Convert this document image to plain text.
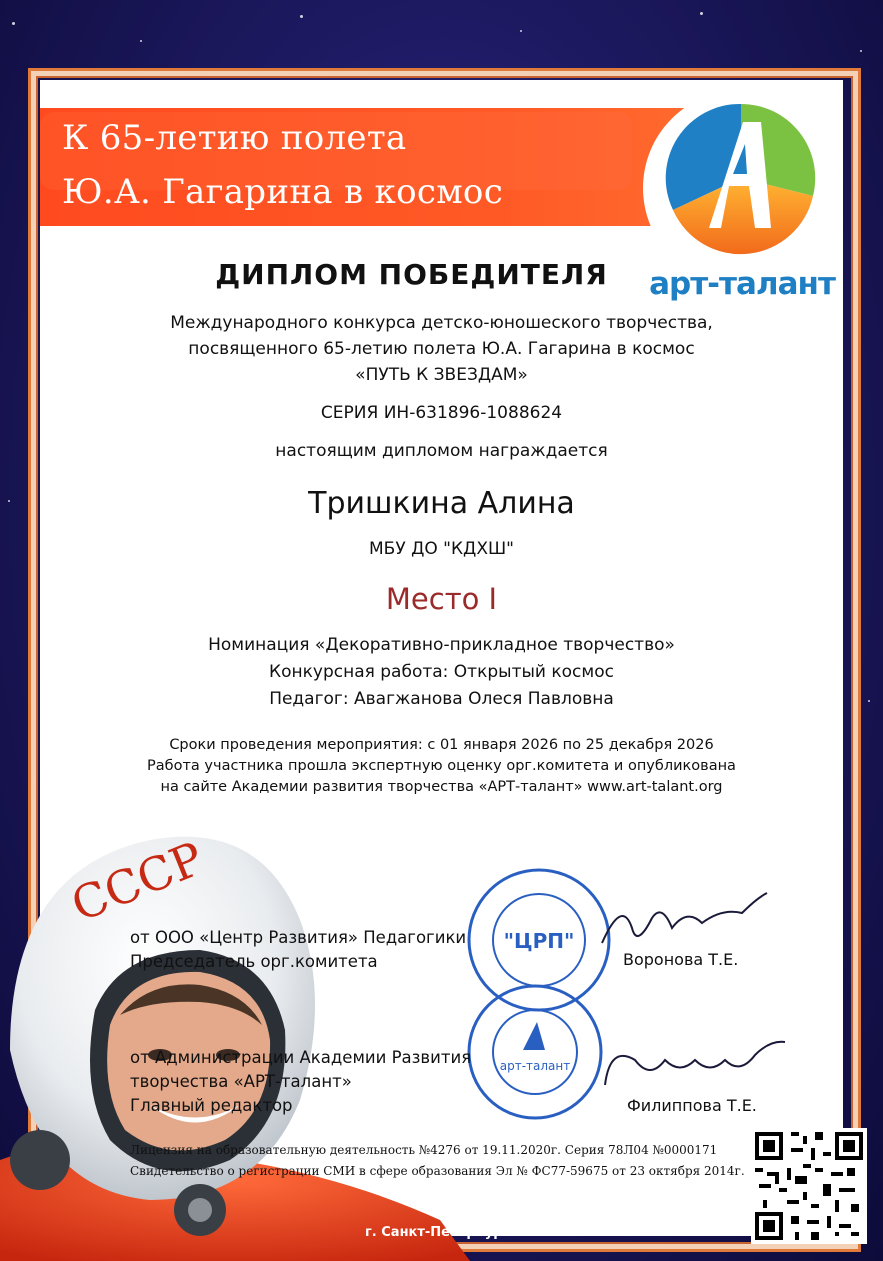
К 65-летию полета
Ю.А. Гагарина в космос
арт-талант
ДИПЛОМ ПОБЕДИТЕЛЯ
Международного конкурса детско-юношеского творчества,
посвященного 65-летию полета Ю.А. Гагарина в космос
«ПУТЬ К ЗВЕЗДАМ»
СЕРИЯ ИН-631896-1088624
настоящим дипломом награждается
Тришкина Алина
МБУ ДО "КДХШ"
Место I
Номинация «Декоративно-прикладное творчество»
Конкурсная работа: Открытый космос
Педагог: Авагжанова Олеся Павловна
Сроки проведения мероприятия: с 01 января 2026 по 25 декабря 2026
Работа участника прошла экспертную оценку орг.комитета и опубликована
на сайте Академии развития творчества «АРТ-талант» www.art-talant.org
СССР
"ЦРП"
арт-талант
от ООО «Центр Развития» Педагогики
Председатель орг.комитета	Воронова Т.Е.
от Администрации Академии Развития
творчества «АРТ-талант»
Главный редактор	Филиппова Т.Е.
Лицензия на образовательную деятельность №4276 от 19.11.2020г. Серия 78Л04 №0000171
Свидетельство о регистрации СМИ в сфере образования Эл № ФС77-59675 от 23 октября 2014г.
г. Санкт-Петербург
